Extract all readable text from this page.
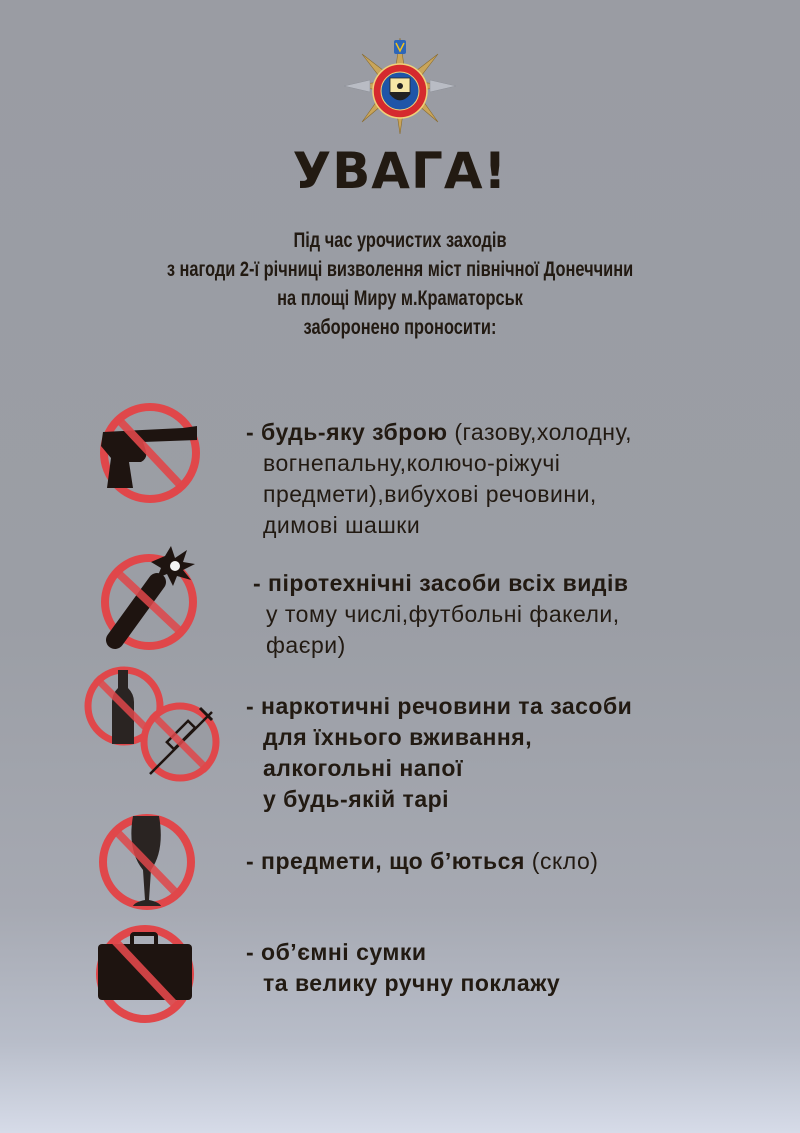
УВАГА!
Під час урочистих заходів
з нагоди 2-ї річниці визволення міст північної Донеччини
на площі Миру м.Краматорськ
заборонено проносити:
- будь-яку зброю (газову,холодну,
вогнепальну,колючо-ріжучі
предмети),вибухові речовини,
димові шашки
- піротехнічні засоби всіх видів
у тому числі,футбольні факели,
фаєри)
- наркотичні речовини та засоби
для їхнього вживання,
алкогольні напої
у будь-якій тарі
- предмети, що б’ються (скло)
- об’ємні сумки
та велику ручну поклажу
